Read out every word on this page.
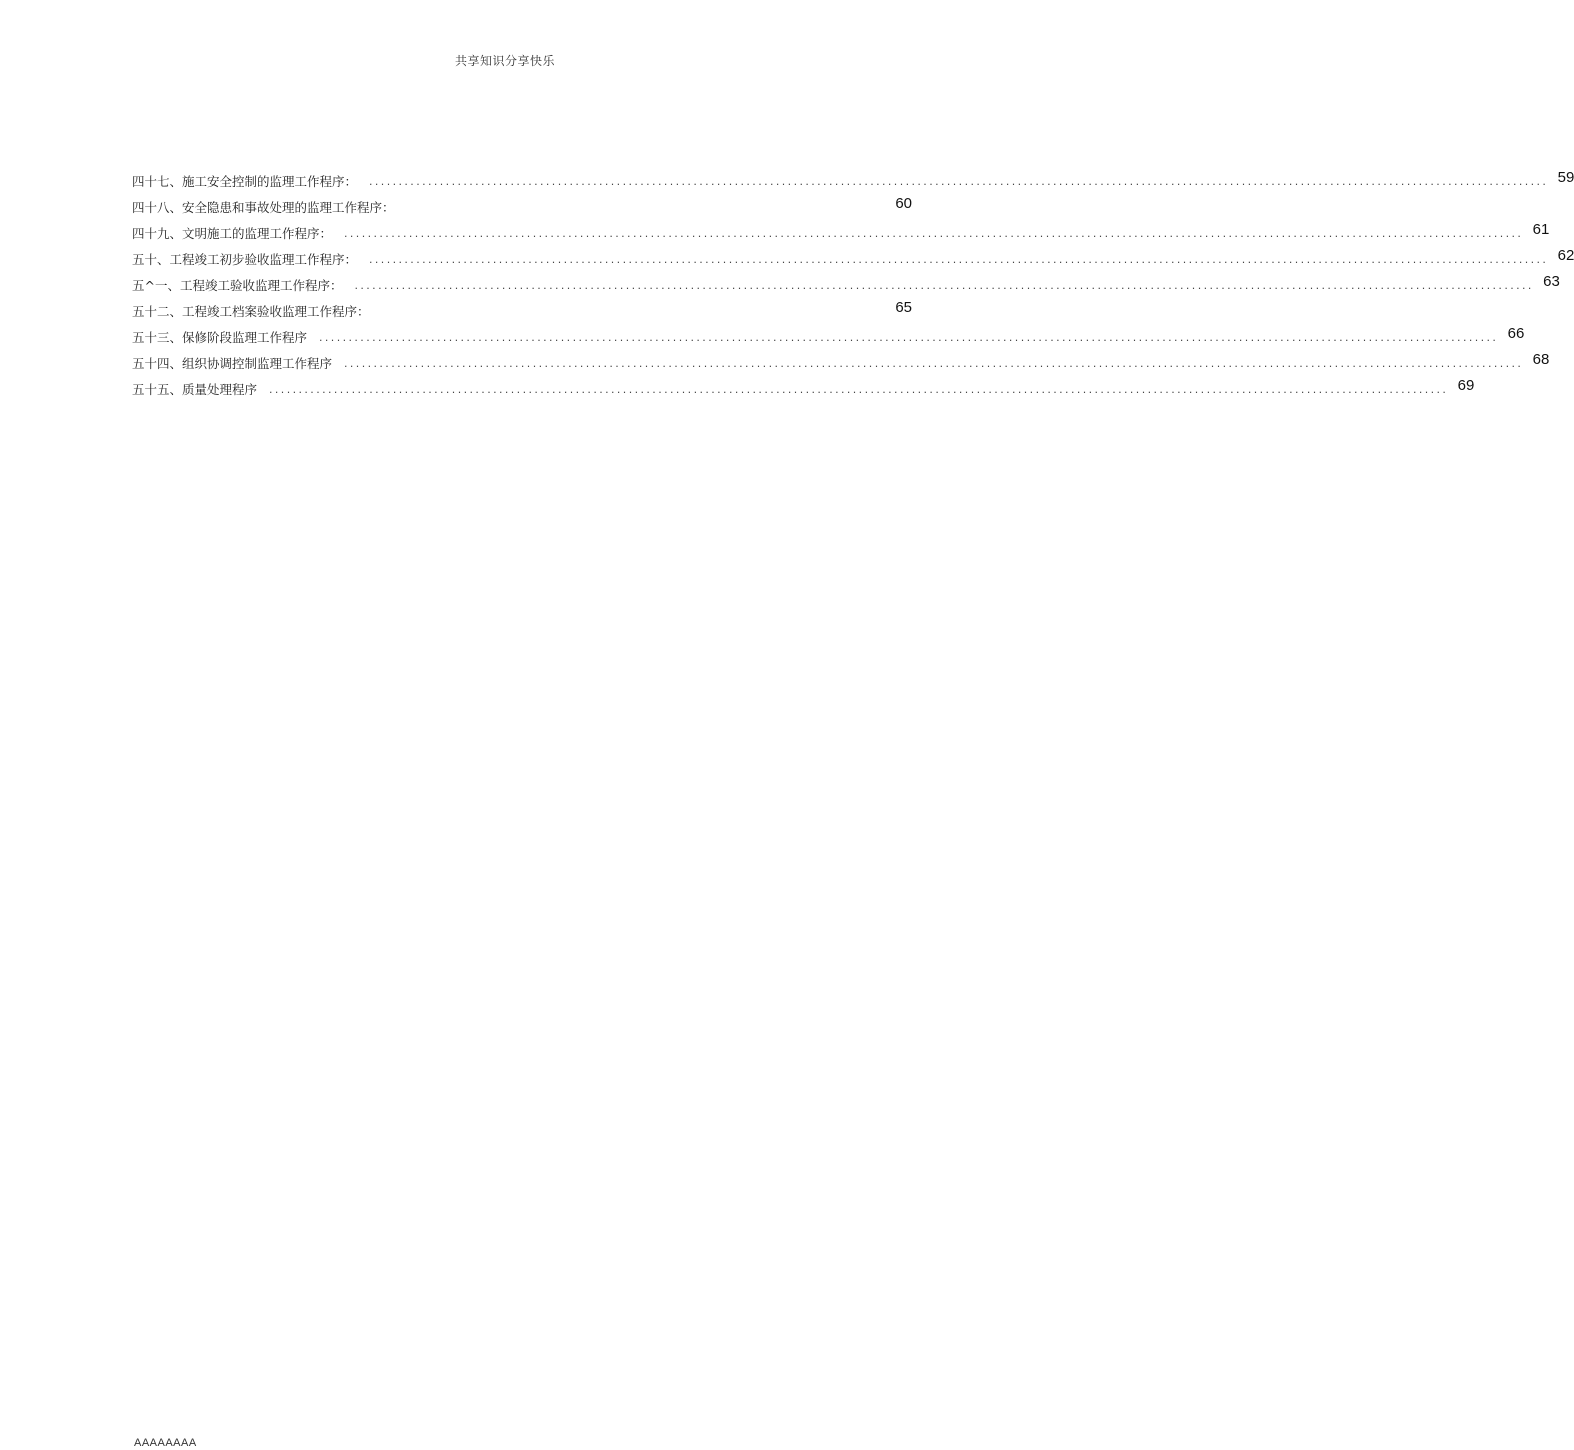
共享知识分享快乐
四十七、施工安全控制的监理工作程序： ........................................................................................................................................................................................................ 59
四十八、安全隐患和事故处理的监理工作程序：	60
四十九、文明施工的监理工作程序： ........................................................................................................................................................................................................ 61
五十、工程竣工初步验收监理工作程序： ........................................................................................................................................................................................................ 62
五^一、工程竣工验收监理工作程序： ........................................................................................................................................................................................................ 63
五十二、工程竣工档案验收监理工作程序：	65
五十三、保修阶段监理工作程序 ........................................................................................................................................................................................................ 66
五十四、组织协调控制监理工作程序 ........................................................................................................................................................................................................ 68
五十五、质量处理程序 ........................................................................................................................................................................................................ 69
AAAAAAAA
